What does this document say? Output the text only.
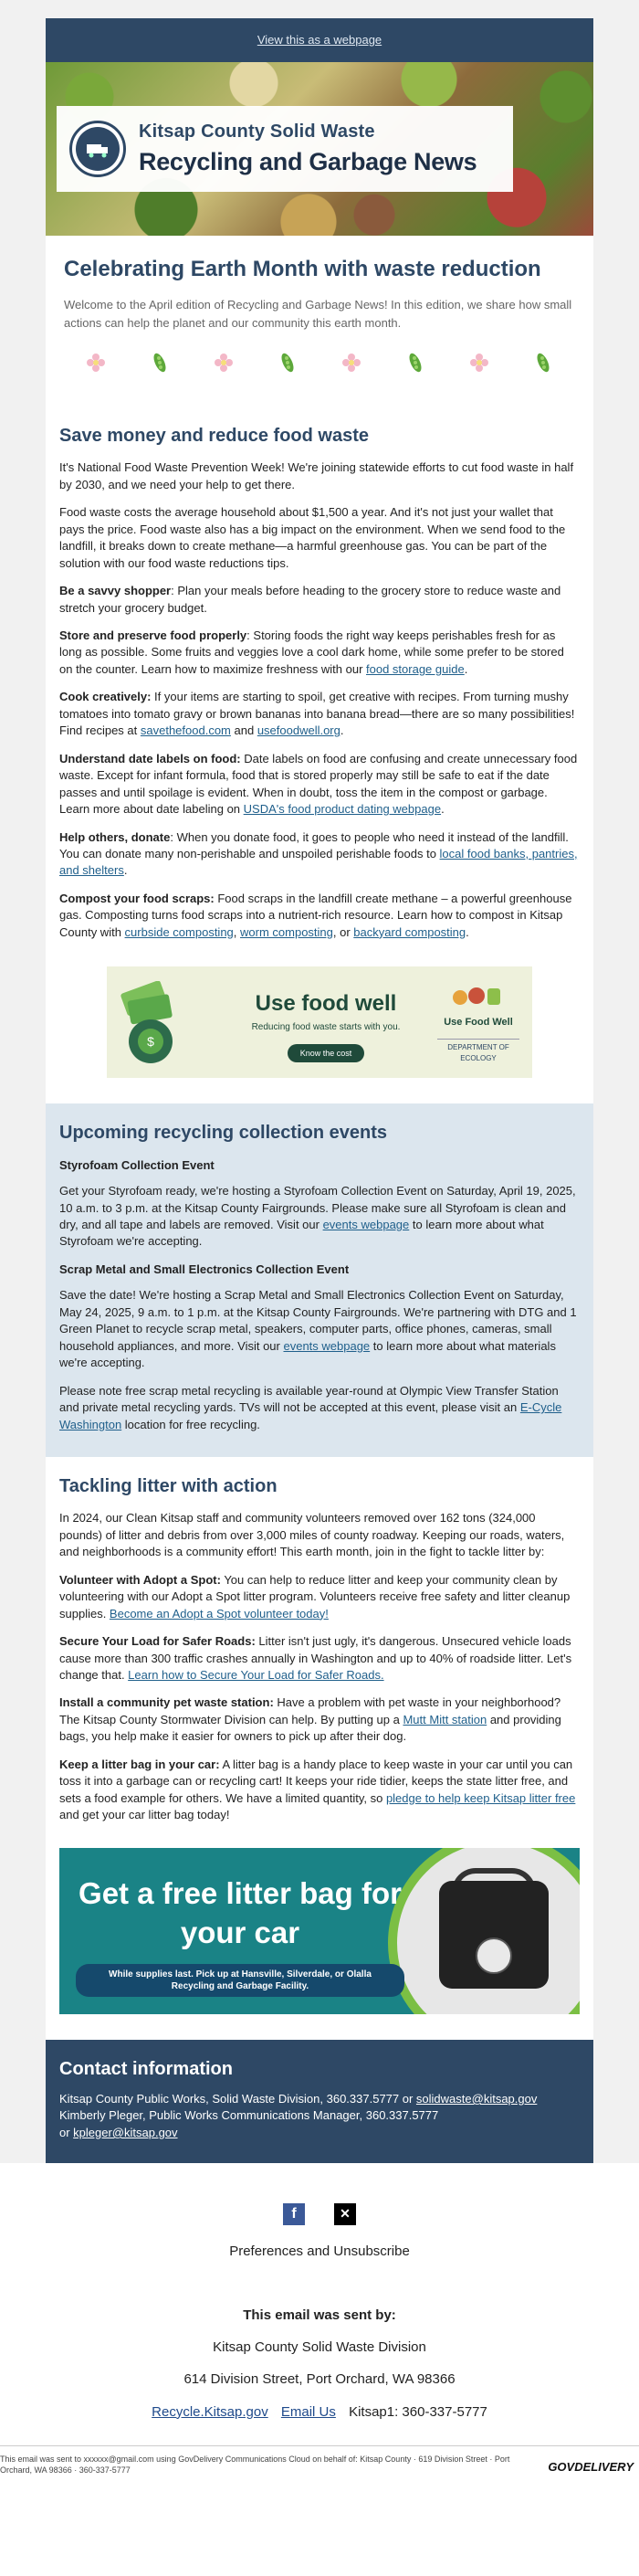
View this as a webpage
Kitsap County Solid Waste
Recycling and Garbage News
Celebrating Earth Month with waste reduction

Welcome to the April edition of Recycling and Garbage News! In this edition, we share how small actions can help the planet and our community this earth month.

Save money and reduce food waste

It's National Food Waste Prevention Week! We're joining statewide efforts to cut food waste in half by 2030, and we need your help to get there.

Food waste costs the average household about $1,500 a year. And it's not just your wallet that pays the price. Food waste also has a big impact on the environment. When we send food to the landfill, it breaks down to create methane—a harmful greenhouse gas. You can be part of the solution with our food waste reductions tips.

Be a savvy shopper: Plan your meals before heading to the grocery store to reduce waste and stretch your grocery budget.

Store and preserve food properly: Storing foods the right way keeps perishables fresh for as long as possible. Some fruits and veggies love a cool dark home, while some prefer to be stored on the counter. Learn how to maximize freshness with our food storage guide.

Cook creatively: If your items are starting to spoil, get creative with recipes. From turning mushy tomatoes into tomato gravy or brown bananas into banana bread—there are so many possibilities! Find recipes at savethefood.com and usefoodwell.org.

Understand date labels on food: Date labels on food are confusing and create unnecessary food waste. Except for infant formula, food that is stored properly may still be safe to eat if the date passes and until spoilage is evident. When in doubt, toss the item in the compost or garbage. Learn more about date labeling on USDA's food product dating webpage.

Help others, donate: When you donate food, it goes to people who need it instead of the landfill. You can donate many non-perishable and unspoiled perishable foods to local food banks, pantries, and shelters.

Compost your food scraps: Food scraps in the landfill create methane – a powerful greenhouse gas. Composting turns food scraps into a nutrient-rich resource. Learn how to compost in Kitsap County with curbside composting, worm composting, or backyard composting.

$
Use food well
Reducing food waste starts with you.
Know the cost
Use Food Well
DEPARTMENT OF ECOLOGY
Upcoming recycling collection events
Styrofoam Collection Event

Get your Styrofoam ready, we're hosting a Styrofoam Collection Event on Saturday, April 19, 2025, 10 a.m. to 3 p.m. at the Kitsap County Fairgrounds. Please make sure all Styrofoam is clean and dry, and all tape and labels are removed. Visit our events webpage to learn more about what Styrofoam we're accepting.

Scrap Metal and Small Electronics Collection Event

Save the date! We're hosting a Scrap Metal and Small Electronics Collection Event on Saturday, May 24, 2025, 9 a.m. to 1 p.m. at the Kitsap County Fairgrounds. We're partnering with DTG and 1 Green Planet to recycle scrap metal, speakers, computer parts, office phones, cameras, small household appliances, and more. Visit our events webpage to learn more about what materials we're accepting.

Please note free scrap metal recycling is available year-round at Olympic View Transfer Station and private metal recycling yards. TVs will not be accepted at this event, please visit an E-Cycle Washington location for free recycling.

Tackling litter with action

In 2024, our Clean Kitsap staff and community volunteers removed over 162 tons (324,000 pounds) of litter and debris from over 3,000 miles of county roadway. Keeping our roads, waters, and neighborhoods is a community effort! This earth month, join in the fight to tackle litter by:

Volunteer with Adopt a Spot: You can help to reduce litter and keep your community clean by volunteering with our Adopt a Spot litter program. Volunteers receive free safety and litter cleanup supplies. Become an Adopt a Spot volunteer today!

Secure Your Load for Safer Roads: Litter isn't just ugly, it's dangerous. Unsecured vehicle loads cause more than 300 traffic crashes annually in Washington and up to 40% of roadside litter. Let's change that. Learn how to Secure Your Load for Safer Roads.

Install a community pet waste station: Have a problem with pet waste in your neighborhood? The Kitsap County Stormwater Division can help. By putting up a Mutt Mitt station and providing bags, you help make it easier for owners to pick up after their dog.

Keep a litter bag in your car: A litter bag is a handy place to keep waste in your car until you can toss it into a garbage can or recycling cart! It keeps your ride tidier, keeps the state litter free, and sets a food example for others. We have a limited quantity, so pledge to help keep Kitsap litter free and get your car litter bag today!

Get a free litter bag for your car
While supplies last. Pick up at Hansville, Silverdale, or Olalla Recycling and Garbage Facility.
Contact information

Kitsap County Public Works, Solid Waste Division, 360.337.5777 or solidwaste@kitsap.gov

Kimberly Pleger, Public Works Communications Manager, 360.337.5777

or kpleger@kitsap.gov

f	✕
Preferences and Unsubscribe
This email was sent by:
Kitsap County Solid Waste Division
614 Division Street, Port Orchard, WA 98366
Recycle.Kitsap.gov Email Us Kitsap1: 360-337-5777

This email was sent to xxxxxx@gmail.com using GovDelivery Communications Cloud on behalf of: Kitsap County · 619 Division Street · Port Orchard, WA 98366 · 360-337-5777	GOVDELIVERY
